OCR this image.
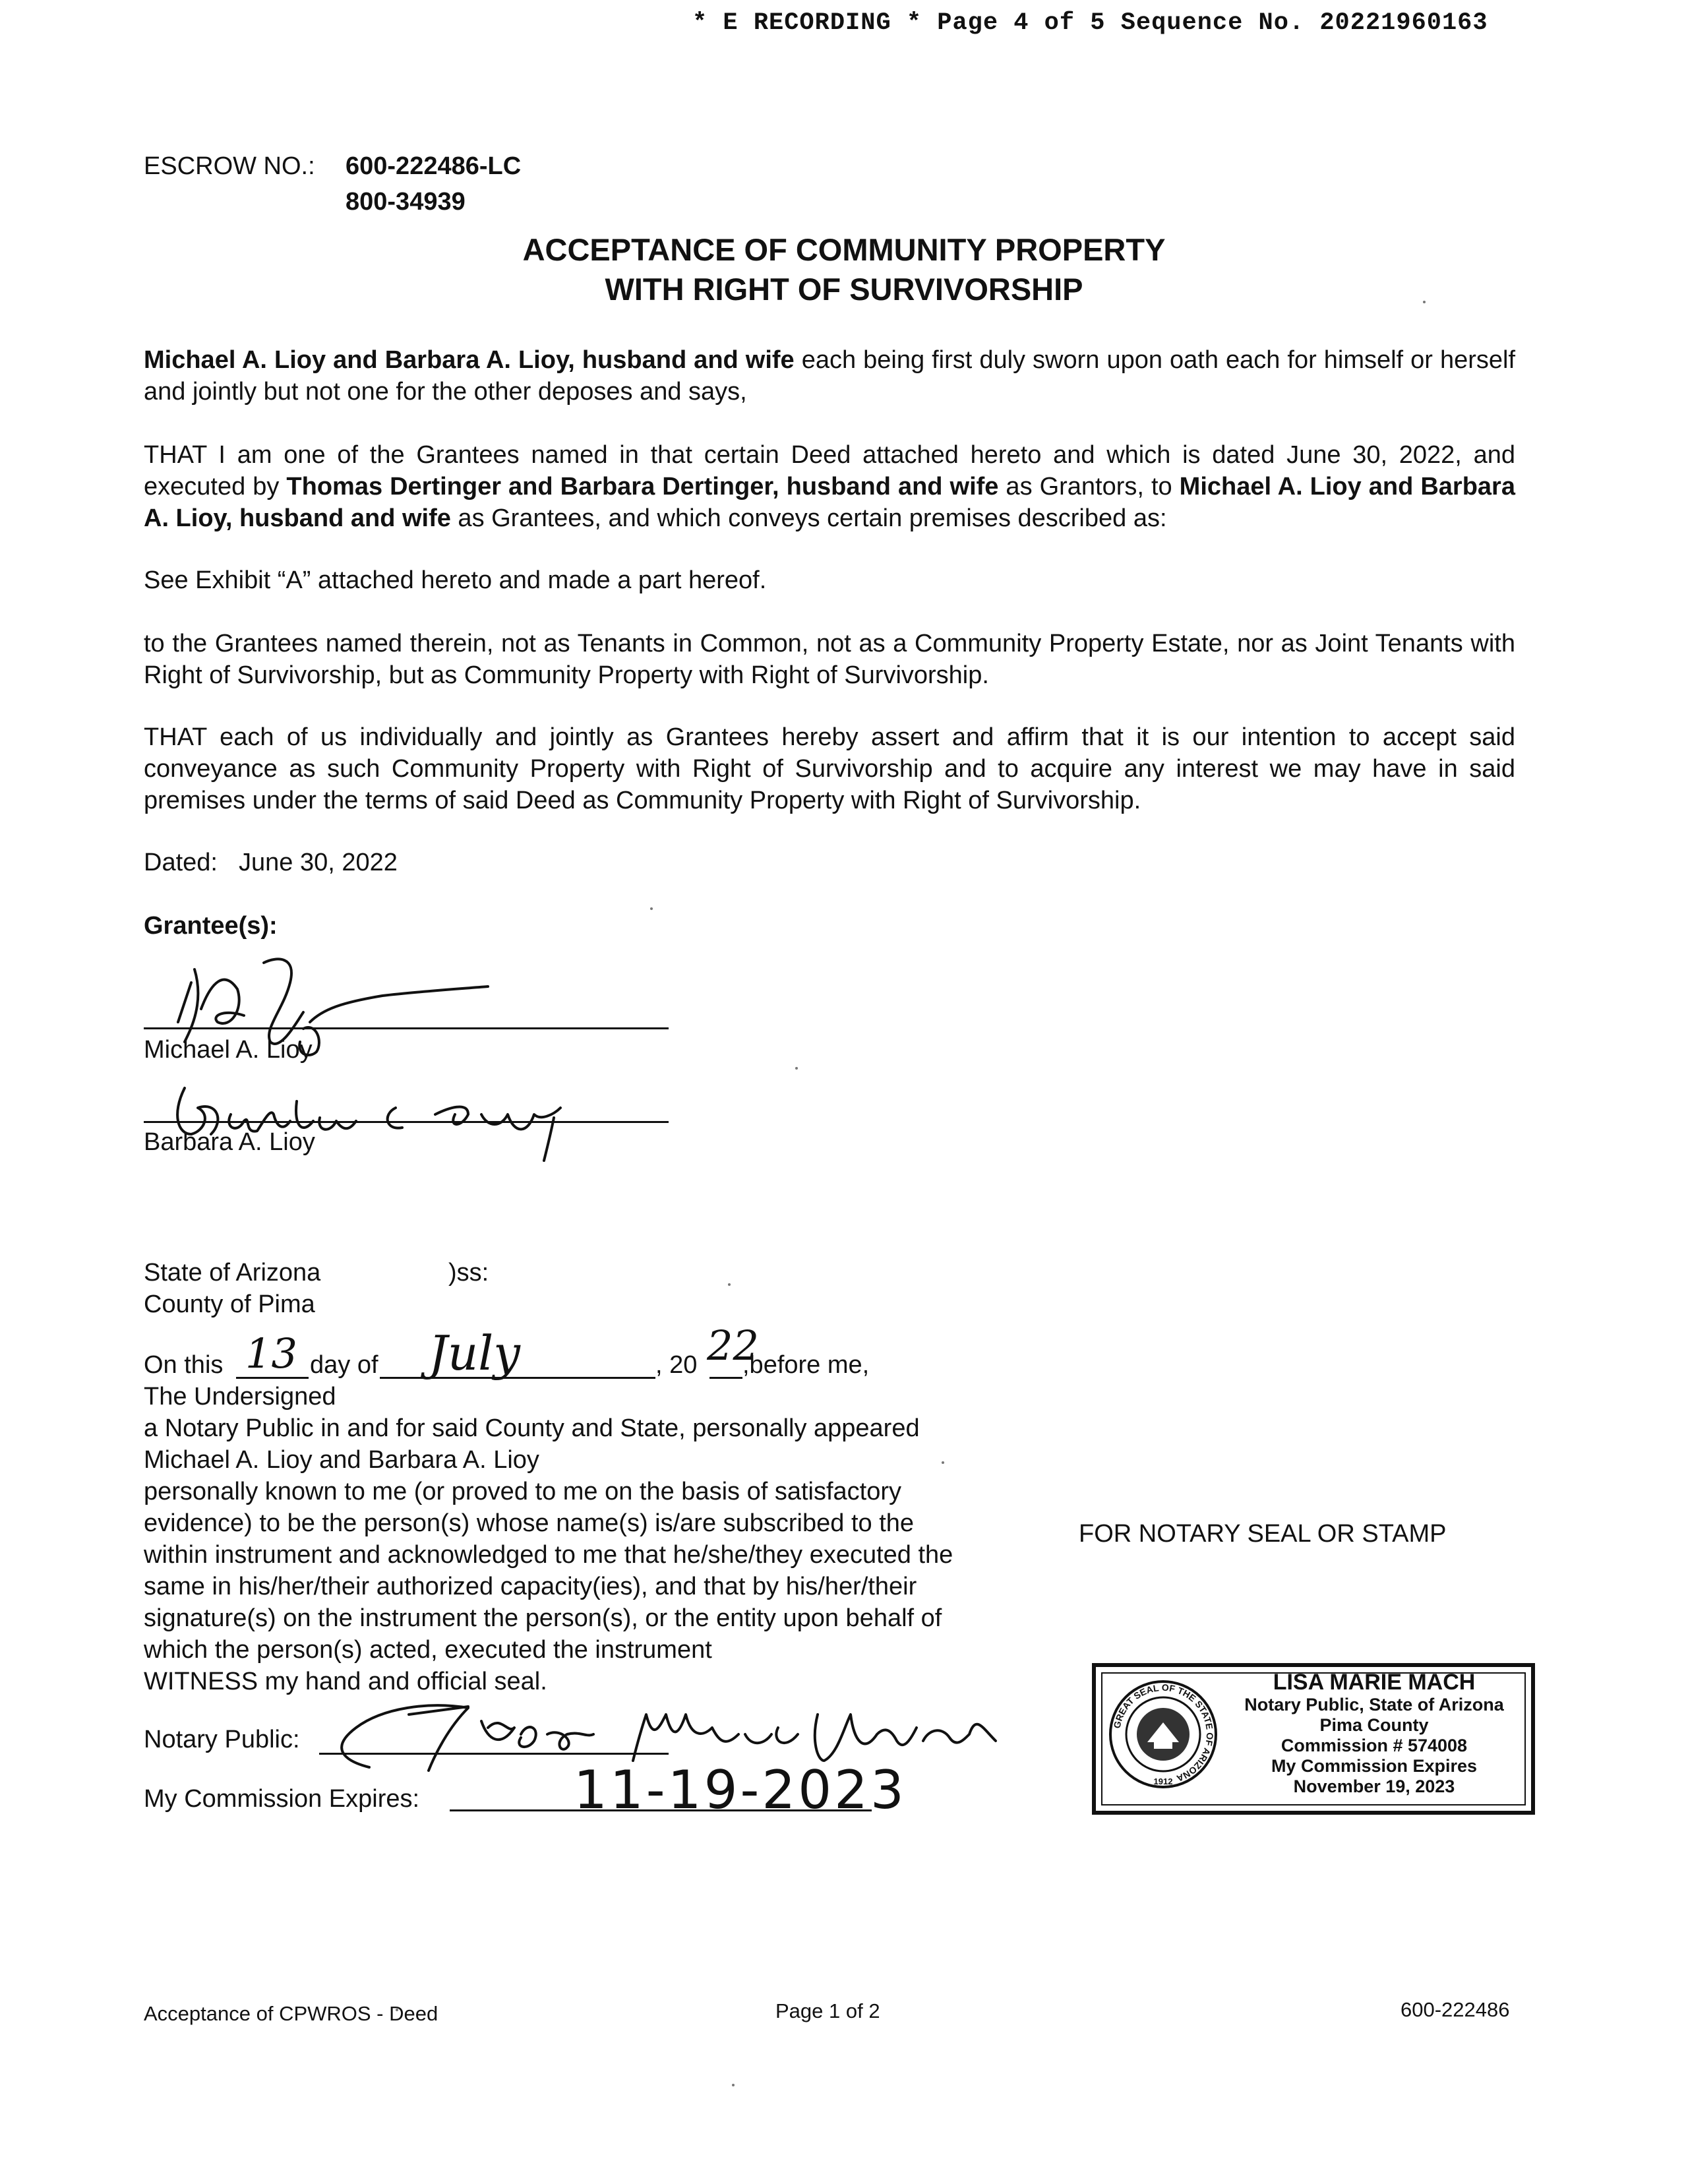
* E RECORDING * Page 4 of 5 Sequence No. 20221960163
ESCROW NO.: 600-222486-LC
800-34939
ACCEPTANCE OF COMMUNITY PROPERTY
WITH RIGHT OF SURVIVORSHIP

Michael A. Lioy and Barbara A. Lioy, husband and wife each being first duly sworn upon oath each for himself or herself and jointly but not one for the other deposes and says,

THAT I am one of the Grantees named in that certain Deed attached hereto and which is dated June 30, 2022, and executed by Thomas Dertinger and Barbara Dertinger, husband and wife as Grantors, to Michael A. Lioy and Barbara A. Lioy, husband and wife as Grantees, and which conveys certain premises described as:

See Exhibit “A” attached hereto and made a part hereof.

to the Grantees named therein, not as Tenants in Common, not as a Community Property Estate, nor as Joint Tenants with Right of Survivorship, but as Community Property with Right of Survivorship.

THAT each of us individually and jointly as Grantees hereby assert and affirm that it is our intention to accept said conveyance as such Community Property with Right of Survivorship and to acquire any interest we may have in said premises under the terms of said Deed as Community Property with Right of Survivorship.

Dated: June 30, 2022
Grantee(s):
Michael A. Lioy
Barbara A. Lioy
State of Arizona	)ss:
County of Pima
On this 13 day of July	, 20 22
,before me,
The Undersigned
a Notary Public in and for said County and State, personally appeared
Michael A. Lioy and Barbara A. Lioy
personally known to me (or proved to me on the basis of satisfactory
evidence) to be the person(s) whose name(s) is/are subscribed to the
within instrument and acknowledged to me that he/she/they executed the
same in his/her/their authorized capacity(ies), and that by his/her/their
signature(s) on the instrument the person(s), or the entity upon behalf of
which the person(s) acted, executed the instrument
WITNESS my hand and official seal.
FOR NOTARY SEAL OR STAMP
Notary Public:
My Commission Expires:	11-19-2023
GREAT SEAL OF THE STATE OF ARIZONA
1912
LISA MARIE MACH
Notary Public, State of Arizona
Pima County
Commission # 574008
My Commission Expires
November 19, 2023
Acceptance of CPWROS - Deed	Page 1 of 2	600-222486
